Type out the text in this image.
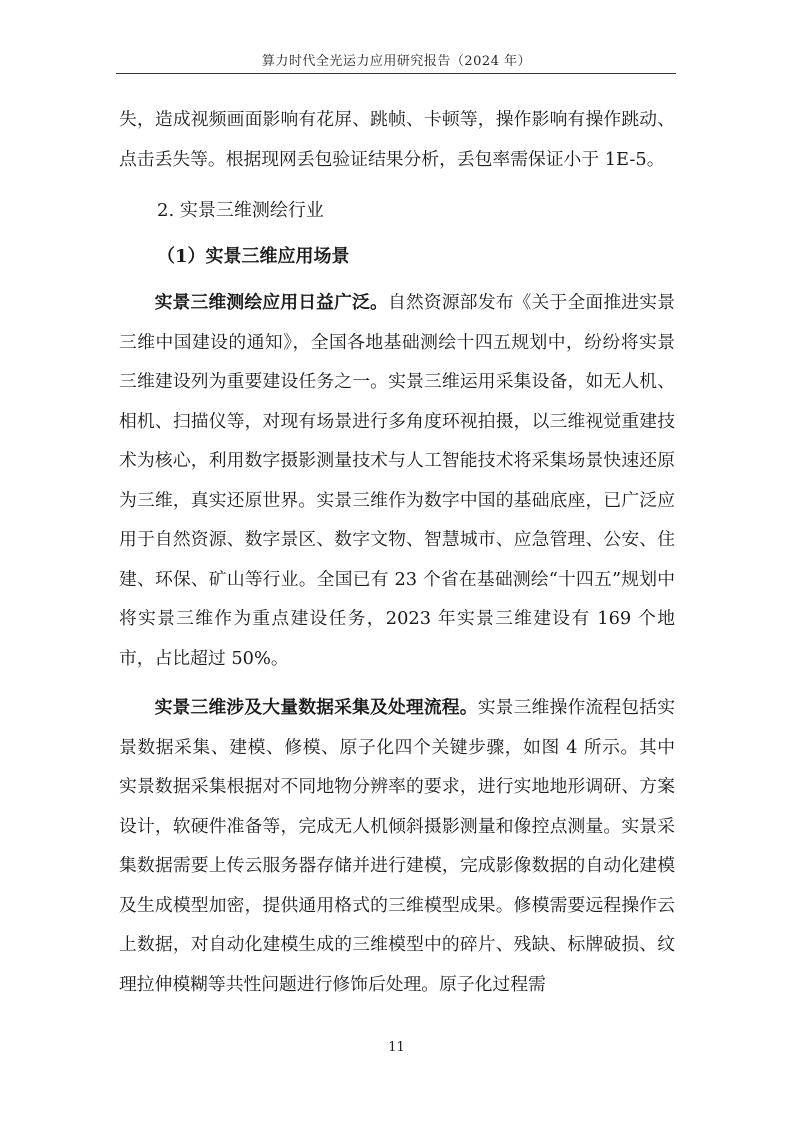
算力时代全光运力应用研究报告（2024 年）

失，造成视频画面影响有花屏、跳帧、卡顿等，操作影响有操作跳动、点击丢失等。根据现网丢包验证结果分析，丢包率需保证小于 1E-5。

2. 实景三维测绘行业

（1）实景三维应用场景

实景三维测绘应用日益广泛。自然资源部发布《关于全面推进实景三维中国建设的通知》，全国各地基础测绘十四五规划中，纷纷将实景三维建设列为重要建设任务之一。实景三维运用采集设备，如无人机、相机、扫描仪等，对现有场景进行多角度环视拍摄，以三维视觉重建技术为核心，利用数字摄影测量技术与人工智能技术将采集场景快速还原为三维，真实还原世界。实景三维作为数字中国的基础底座，已广泛应用于自然资源、数字景区、数字文物、智慧城市、应急管理、公安、住建、环保、矿山等行业。全国已有 23 个省在基础测绘“十四五”规划中将实景三维作为重点建设任务，2023 年实景三维建设有 169 个地市，占比超过 50%。

实景三维涉及大量数据采集及处理流程。实景三维操作流程包括实景数据采集、建模、修模、原子化四个关键步骤，如图 4 所示。其中实景数据采集根据对不同地物分辨率的要求，进行实地地形调研、方案设计，软硬件准备等，完成无人机倾斜摄影测量和像控点测量。实景采集数据需要上传云服务器存储并进行建模，完成影像数据的自动化建模及生成模型加密，提供通用格式的三维模型成果。修模需要远程操作云上数据，对自动化建模生成的三维模型中的碎片、残缺、标牌破损、纹理拉伸模糊等共性问题进行修饰后处理。原子化过程需

11
